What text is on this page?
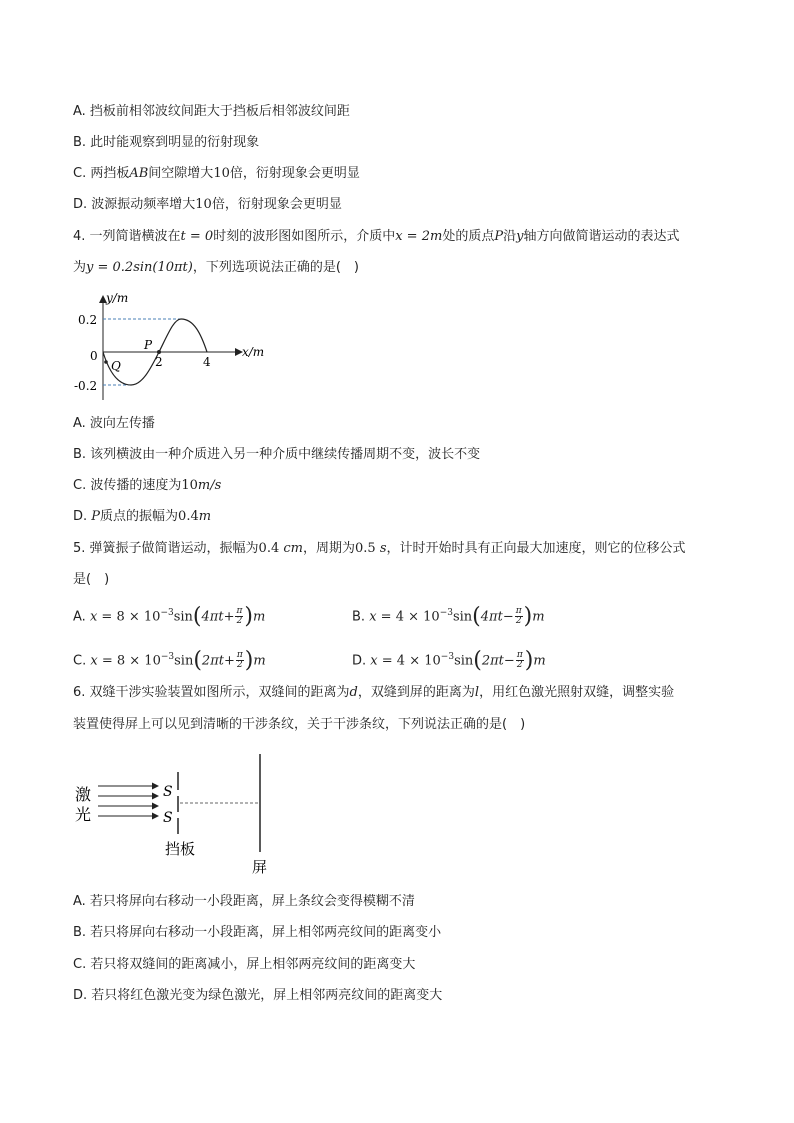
A. 挡板前相邻波纹间距大于挡板后相邻波纹间距
B. 此时能观察到明显的衍射现象
C. 两挡板AB间空隙增大10倍，衍射现象会更明显
D. 波源振动频率增大10倍，衍射现象会更明显
4. 一列简谐横波在t = 0时刻的波形图如图所示，介质中x = 2m处的质点P沿y轴方向做简谐运动的表达式
为y = 0.2sin(10πt)，下列选项说法正确的是(　)
y/m
x/m
0.2
-0.2
0	2	4
P
Q
A. 波向左传播
B. 该列横波由一种介质进入另一种介质中继续传播周期不变，波长不变
C. 波传播的速度为10m/s
D. P质点的振幅为0.4m
5. 弹簧振子做简谐运动，振幅为0.4 cm，周期为0.5 s，计时开始时具有正向最大加速度，则它的位移公式
是(　)
A. $x = 8 \times 10^{-3}\sin(4\pi t+ \frac{\pi}{2} )m$	B. $x = 4 \times 10^{-3}\sin(4\pi t- \frac{\pi}{2} )m$
C. $x = 8 \times 10^{-3}\sin(2\pi t+ \frac{\pi}{2} )m$	D. $x = 4 \times 10^{-3}\sin(2\pi t- \frac{\pi}{2} )m$
6. 双缝干涉实验装置如图所示，双缝间的距离为d，双缝到屏的距离为l，用红色激光照射双缝，调整实验
装置使得屏上可以见到清晰的干涉条纹，关于干涉条纹，下列说法正确的是(　)
激
光
S
S
挡板
屏
A. 若只将屏向右移动一小段距离，屏上条纹会变得模糊不清
B. 若只将屏向右移动一小段距离，屏上相邻两亮纹间的距离变小
C. 若只将双缝间的距离减小，屏上相邻两亮纹间的距离变大
D. 若只将红色激光变为绿色激光，屏上相邻两亮纹间的距离变大
